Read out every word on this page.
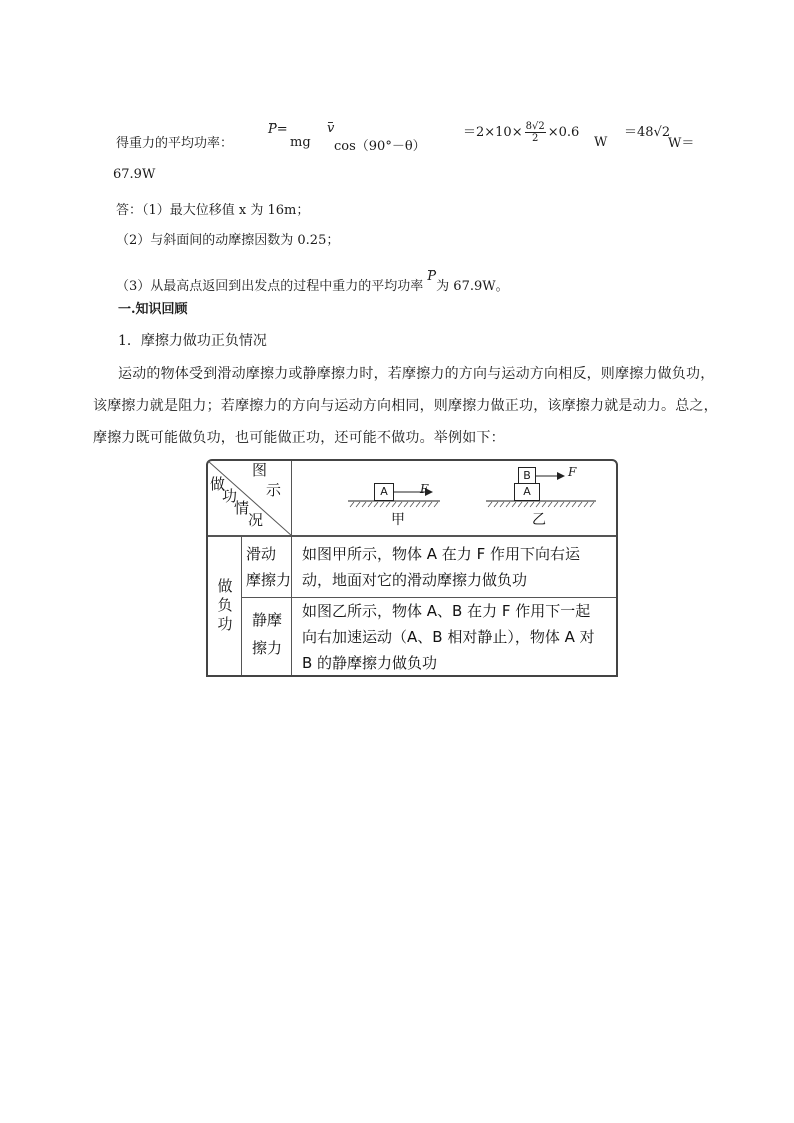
得重力的平均功率：
P=
mg
v
cos（90°－θ）
$=2\times 10\times \frac{8√2}{2} \times 0.6$
W
＝48√2
W＝
67.9W
答：（1）最大位移值 x 为 16m；
（2）与斜面间的动摩擦因数为 0.25；
（3）从最高点返回到出发点的过程中重力的平均功率 P为 67.9W。
一.知识回顾
1．摩擦力做功正负情况
运动的物体受到滑动摩擦力或静摩擦力时，若摩擦力的方向与运动方向相反，则摩擦力做负功，
该摩擦力就是阻力；若摩擦力的方向与运动方向相同，则摩擦力做正功，该摩擦力就是动力。总之，
摩擦力既可能做负功，也可能做正功，还可能不做功。举例如下：
图
示
做
功
情
况
A	F
甲
B	F
A
乙
做
负
功
滑动
摩擦力
如图甲所示，物体 A 在力 F 作用下向右运
动，地面对它的滑动摩擦力做负功
静摩
擦力
如图乙所示，物体 A、B 在力 F 作用下一起
向右加速运动（A、B 相对静止），物体 A 对
B 的静摩擦力做负功
